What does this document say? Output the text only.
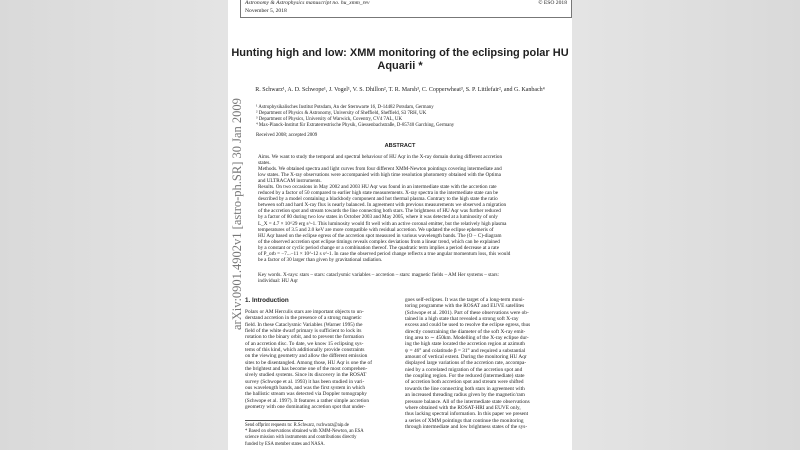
Astronomy & Astrophysics manuscript no. hu_xmm_rev
November 5, 2018
© ESO 2018
arXiv:0901.4902v1 [astro-ph.SR] 30 Jan 2009
Hunting high and low: XMM monitoring of the eclipsing polar HU Aquarii *
R. Schwarz¹, A. D. Schwope¹, J. Vogel¹, V. S. Dhillon², T. R. Marsh³, C. Copperwheat³, S. P. Littlefair², and G. Kanbach⁴
¹ Astrophysikalisches Institut Potsdam, An der Sternwarte 16, D-14482 Potsdam, Germany
² Department of Physics & Astronomy, University of Sheffield, Sheffield, S3 7RH, UK
³ Department of Physics, University of Warwick, Coventry, CV4 7AL, UK
⁴ Max-Planck-Institut für Extraterrestrische Physik, Giessenbachstraße, D-85740 Garching, Germany
Received 2008; accepted 2009
ABSTRACT
Aims. We want to study the temporal and spectral behaviour of HU Aqr in the X-ray domain during different accretion
states.
Methods. We obtained spectra and light curves from four different XMM-Newton pointings covering intermediate and
low states. The X-ray observations were accompanied with high time resolution photometry obtained with the Optima
and ULTRACAM instruments.
Results. On two occasions in May 2002 and 2003 HU Aqr was found in an intermediate state with the accretion rate
reduced by a factor of 50 compared to earlier high state measurements. X-ray spectra in the intermediate state can be
described by a model containing a blackbody component and hot thermal plasma. Contrary to the high state the ratio
between soft and hard X-ray flux is nearly balanced. In agreement with previous measurements we observed a migration
of the accretion spot and stream towards the line connecting both stars. The brightness of HU Aqr was further reduced
by a factor of 80 during two low states in October 2003 and May 2005, where it was detected at a luminosity of only
L_X = 4.7 × 10^29 erg s^-1. This luminosity would fit well with an active coronal emitter, but the relatively high plasma
temperatures of 3.5 and 2.0 keV are more compatible with residual accretion. We updated the eclipse ephemeris of
HU Aqr based on the eclipse egress of the accretion spot measured in various wavelength bands. The (O − C)-diagram
of the observed accretion spot eclipse timings reveals complex deviations from a linear trend, which can be explained
by a constant or cyclic period change or a combination thereof. The quadratic term implies a period decrease at a rate
of Ṗ_orb = −7...−11 × 10^-12 s s^-1. In case the observed period change reflects a true angular momentum loss, this would
be a factor of 30 larger than given by gravitational radiation.
Key words. X-rays: stars – stars: cataclysmic variables – accretion – stars: magnetic fields – AM Her systems – stars:
individual: HU Aqr
1. Introduction
Polars or AM Herculis stars are important objects to un-
derstand accretion in the presence of a strong magnetic
field. In these Cataclysmic Variables (Warner 1995) the
field of the white dwarf primary is sufficient to lock its
rotation to the binary orbit, and to prevent the formation
of an accretion disc. To date, we know 15 eclipsing sys-
tems of this kind, which additionally provide constraints
on the viewing geometry and allow the different emission
sites to be disentangled. Among those, HU Aqr is one the of
the brightest and has become one of the most comprehen-
sively studied systems. Since its discovery in the ROSAT
survey (Schwope et al. 1993) it has been studied in vari-
ous wavelength bands, and was the first system in which
the ballistic stream was detected via Doppler tomography
(Schwope et al. 1997). It features a rather simple accretion
geometry with one dominating accretion spot that under-
goes self-eclipses. It was the target of a long-term moni-
toring programme with the ROSAT and EUVE satellites
(Schwope et al. 2001). Part of these observations were ob-
tained in a high state that revealed a strong soft X-ray
excess and could be used to resolve the eclipse egress, thus
directly constraining the diameter of the soft X-ray emit-
ting area to ∼ 450km. Modelling of the X-ray eclipse dur-
ing the high state located the accretion region at azimuth
ψ = 46° and colatitude β = 31° and required a substantial
amount of vertical extent. During the monitoring HU Aqr
displayed large variations of the accretion rate, accompa-
nied by a correlated migration of the accretion spot and
the coupling region. For the reduced (intermediate) state
of accretion both accretion spot and stream were shifted
towards the line connecting both stars in agreement with
an increased threading radius given by the magnetic/ram
pressure balance. All of the intermediate state observations
where obtained with the ROSAT-HRI and EUVE only,
thus lacking spectral information. In this paper we present
a series of XMM pointings that continue the monitoring
through intermediate and low brightness states of the sys-
Send offprint requests to: R.Schwarz, rschwarz@aip.de
* Based on observations obtained with XMM-Newton, an ESA
science mission with instruments and contributions directly
funded by ESA member states and NASA.
